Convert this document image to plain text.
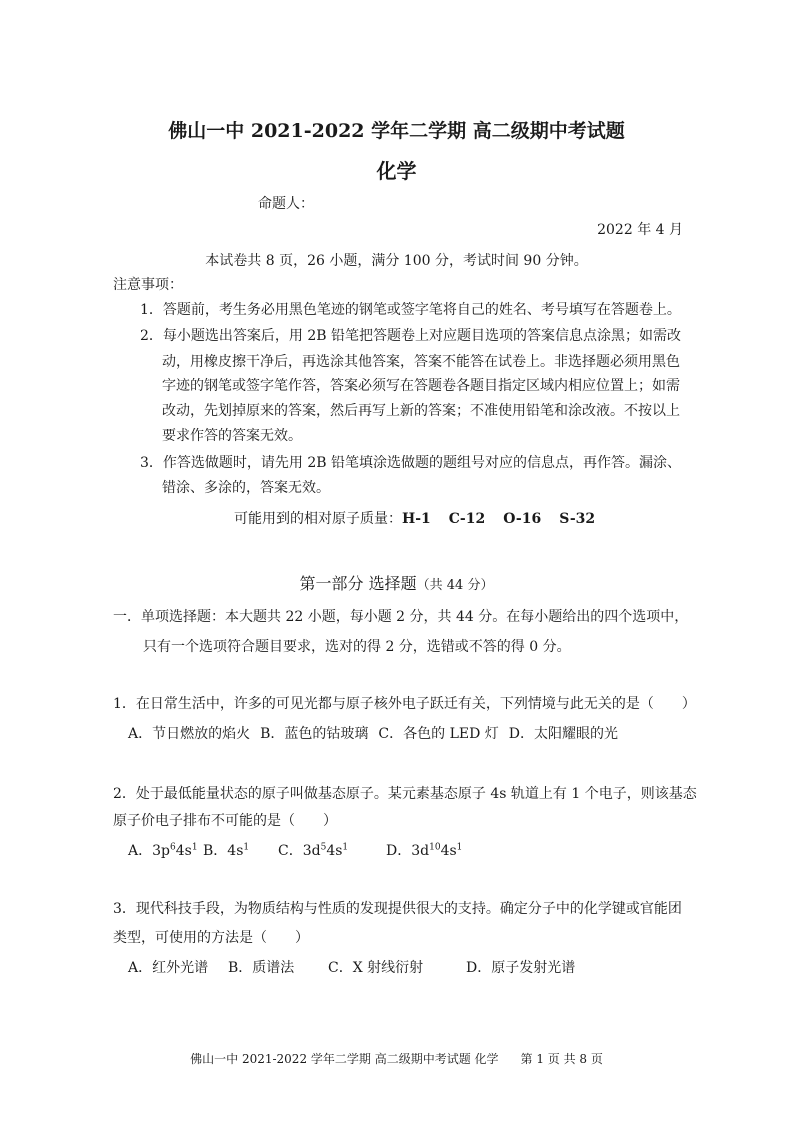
佛山一中 2021-2022 学年二学期 高二级期中考试题
化学
命题人：
2022 年 4 月
本试卷共 8 页，26 小题，满分 100 分，考试时间 90 分钟。
注意事项：
1．答题前，考生务必用黑色笔迹的钢笔或签字笔将自己的姓名、考号填写在答题卷上。
2．每小题选出答案后，用 2B 铅笔把答题卷上对应题目选项的答案信息点涂黑；如需改
动，用橡皮擦干净后，再选涂其他答案，答案不能答在试卷上。非选择题必须用黑色
字迹的钢笔或签字笔作答，答案必须写在答题卷各题目指定区域内相应位置上；如需
改动，先划掉原来的答案，然后再写上新的答案；不准使用铅笔和涂改液。不按以上
要求作答的答案无效。
3．作答选做题时，请先用 2B 铅笔填涂选做题的题组号对应的信息点，再作答。漏涂、
错涂、多涂的，答案无效。
可能用到的相对原子质量：H-1 C-12 O-16 S-32
第一部分 选择题（共 44 分）
一．单项选择题：本大题共 22 小题，每小题 2 分，共 44 分。在每小题给出的四个选项中，
只有一个选项符合题目要求，选对的得 2 分，选错或不答的得 0 分。
1．在日常生活中，许多的可见光都与原子核外电子跃迁有关，下列情境与此无关的是（　　）
A．节日燃放的焰火 B．蓝色的钴玻璃 C．各色的 LED 灯 D．太阳耀眼的光
2．处于最低能量状态的原子叫做基态原子。某元素基态原子 4s 轨道上有 1 个电子，则该基态
原子价电子排布不可能的是（　　）
A．$3p^64s^1$ B．$4s^1$ C．$3d^54s^1$	D．$3d^{10}4s^1$
3．现代科技手段，为物质结构与性质的发现提供很大的支持。确定分子中的化学键或官能团
类型，可使用的方法是（　　）
A．红外光谱 B．质谱法 C．X 射线衍射	D．原子发射光谱
佛山一中 2021-2022 学年二学期 高二级期中考试题 化学 第 1 页 共 8 页
